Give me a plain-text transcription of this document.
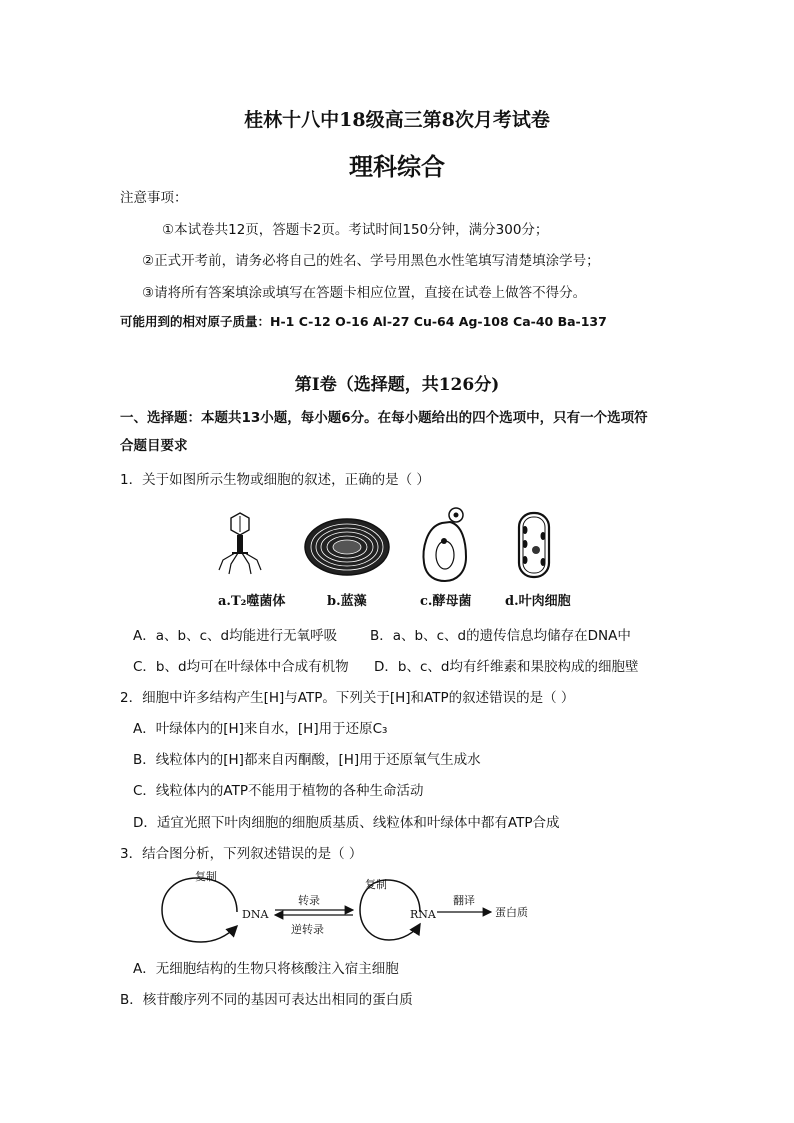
桂林十八中18级高三第8次月考试卷
理科综合
注意事项：
①本试卷共12页，答题卡2页。考试时间150分钟，满分300分；
②正式开考前，请务必将自己的姓名、学号用黑色水性笔填写清楚填涂学号；
③请将所有答案填涂或填写在答题卡相应位置，直接在试卷上做答不得分。
可能用到的相对原子质量：H-1 C-12 O-16 Al-27 Cu-64 Ag-108 Ca-40 Ba-137
第I卷（选择题，共126分)
一、选择题：本题共13小题，每小题6分。在每小题给出的四个选项中，只有一个选项符
合题目要求
1．关于如图所示生物或细胞的叙述，正确的是（ ）
a.T₂噬菌体	b.蓝藻	c.酵母菌	d.叶肉细胞
A．a、b、c、d均能进行无氧呼吸 B．a、b、c、d的遗传信息均储存在DNA中
C．b、d均可在叶绿体中合成有机物 D．b、c、d均有纤维素和果胶构成的细胞壁
2．细胞中许多结构产生[H]与ATP。下列关于[H]和ATP的叙述错误的是（ ）
A．叶绿体内的[H]来自水，[H]用于还原C₃
B．线粒体内的[H]都来自丙酮酸，[H]用于还原氧气生成水
C．线粒体内的ATP不能用于植物的各种生命活动
D．适宜光照下叶肉细胞的细胞质基质、线粒体和叶绿体中都有ATP合成
3．结合图分析，下列叙述错误的是（ ）
复制
复制
DNA	RNA
转录
逆转录
翻译
蛋白质
A．无细胞结构的生物只将核酸注入宿主细胞
B．核苷酸序列不同的基因可表达出相同的蛋白质
